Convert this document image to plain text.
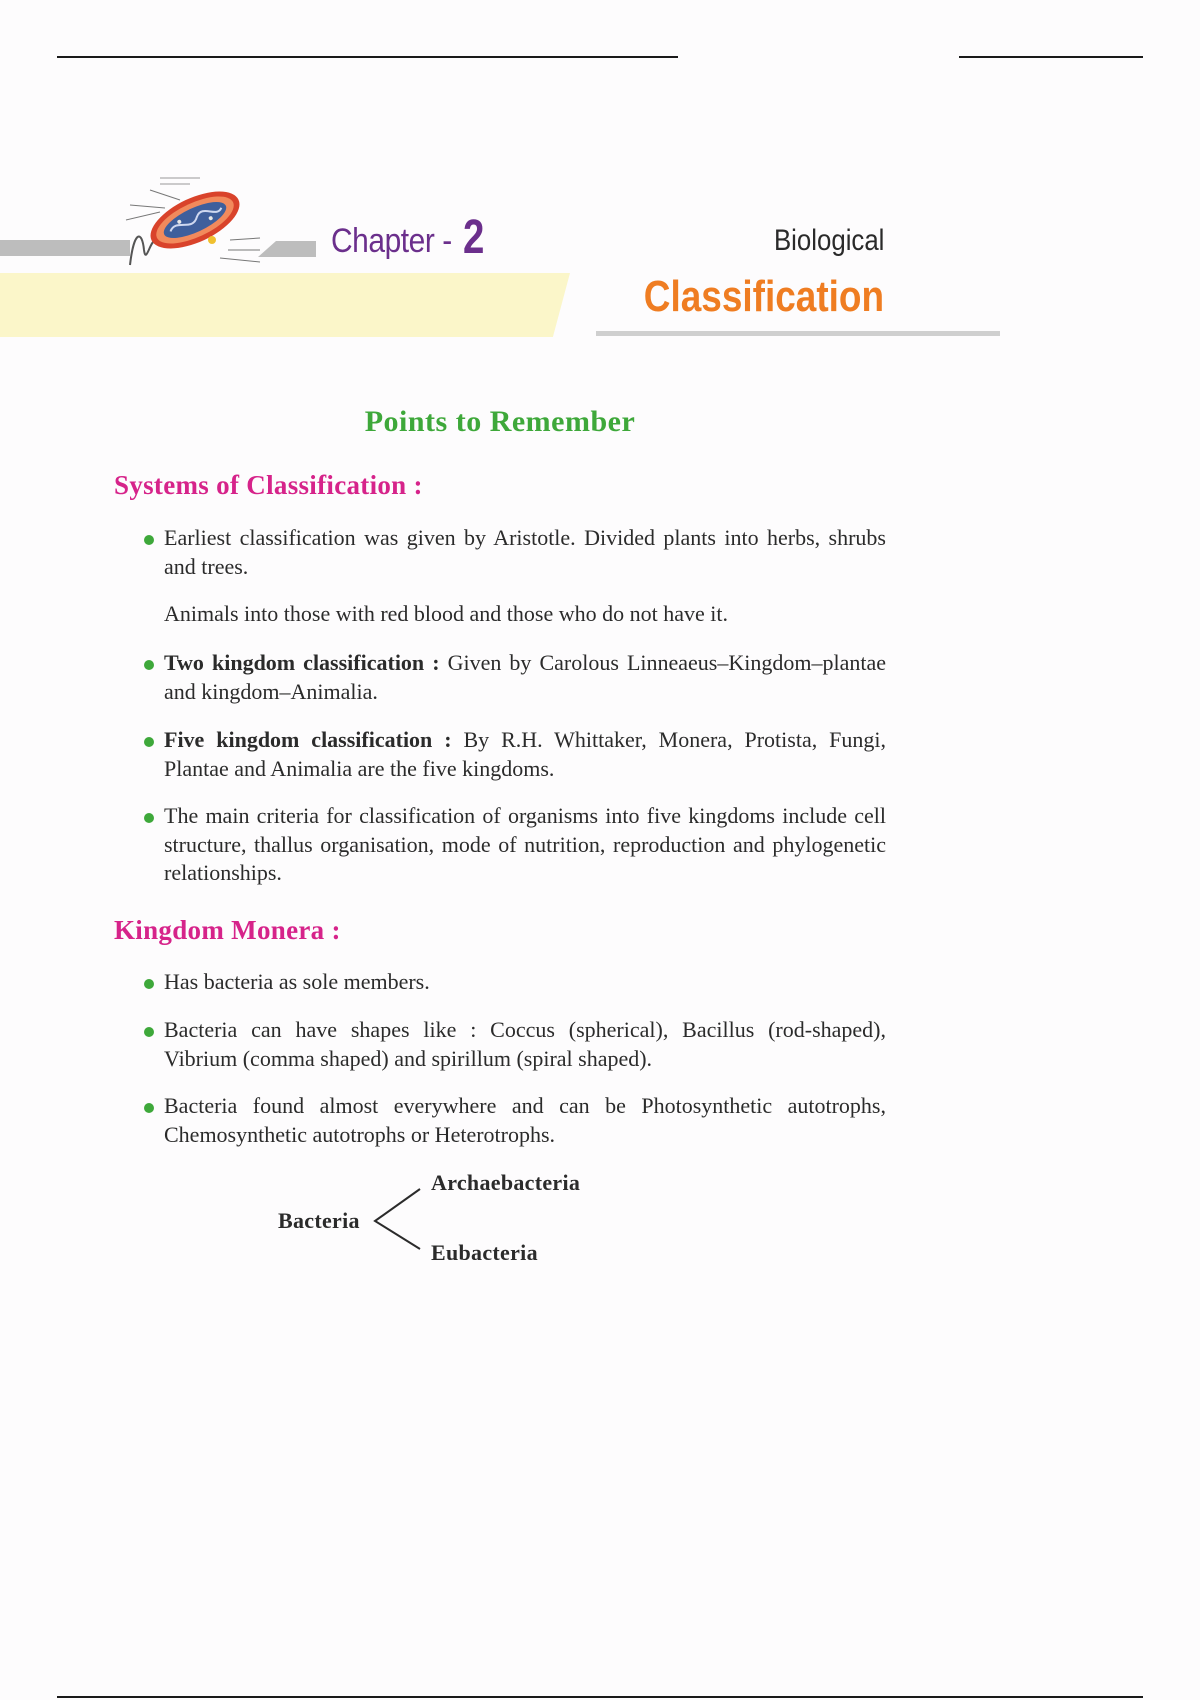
Chapter - 2	Biological
Classification
Points to Remember
Systems of Classification :
Earliest classification was given by Aristotle. Divided plants into herbs, shrubs and trees.
Animals into those with red blood and those who do not have it.
Two kingdom classification : Given by Carolous Linneaeus–Kingdom–plantae and kingdom–Animalia.
Five kingdom classification : By R.H. Whittaker, Monera, Protista, Fungi, Plantae and Animalia are the five kingdoms.
The main criteria for classification of organisms into five kingdoms include cell structure, thallus organisation, mode of nutrition, reproduction and phylogenetic relationships.
Kingdom Monera :
Has bacteria as sole members.
Bacteria can have shapes like : Coccus (spherical), Bacillus (rod-shaped), Vibrium (comma shaped) and spirillum (spiral shaped).
Bacteria found almost everywhere and can be Photosynthetic autotrophs, Chemosynthetic autotrophs or Heterotrophs.
Bacteria
Archaebacteria
Eubacteria
